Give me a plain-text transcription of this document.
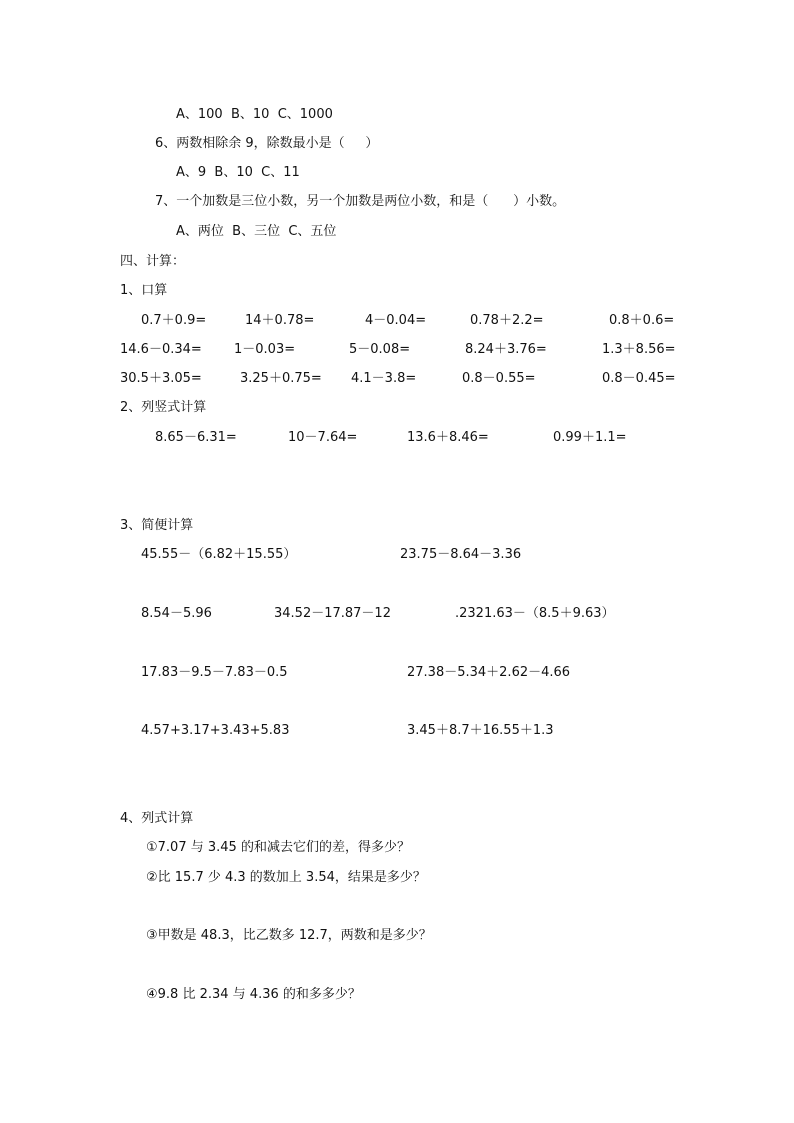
A、100  B、10  C、1000
6、两数相除余 9，除数最小是（     ）
A、9  B、10  C、11
7、一个加数是三位小数，另一个加数是两位小数，和是（      ）小数。
A、两位  B、三位  C、五位
四、计算：
1、口算
0.7＋0.9=	14＋0.78=	4－0.04=	0.78＋2.2=	0.8＋0.6=
14.6－0.34= 1－0.03=	5－0.08=	8.24＋3.76=	1.3＋8.56=
30.5＋3.05=	3.25＋0.75= 4.1－3.8=	0.8－0.55=	0.8－0.45=
2、列竖式计算
8.65－6.31=	10－7.64=	13.6＋8.46=	0.99＋1.1=
3、简便计算
45.55－（6.82＋15.55）	23.75－8.64－3.36
8.54－5.96	34.52－17.87－12	.2321.63－（8.5＋9.63）
17.83－9.5－7.83－0.5	27.38－5.34＋2.62－4.66
4.57+3.17+3.43+5.83	3.45＋8.7＋16.55＋1.3
4、列式计算
①7.07 与 3.45 的和减去它们的差，得多少？
②比 15.7 少 4.3 的数加上 3.54，结果是多少？
③甲数是 48.3，比乙数多 12.7，两数和是多少？
④9.8 比 2.34 与 4.36 的和多多少？
